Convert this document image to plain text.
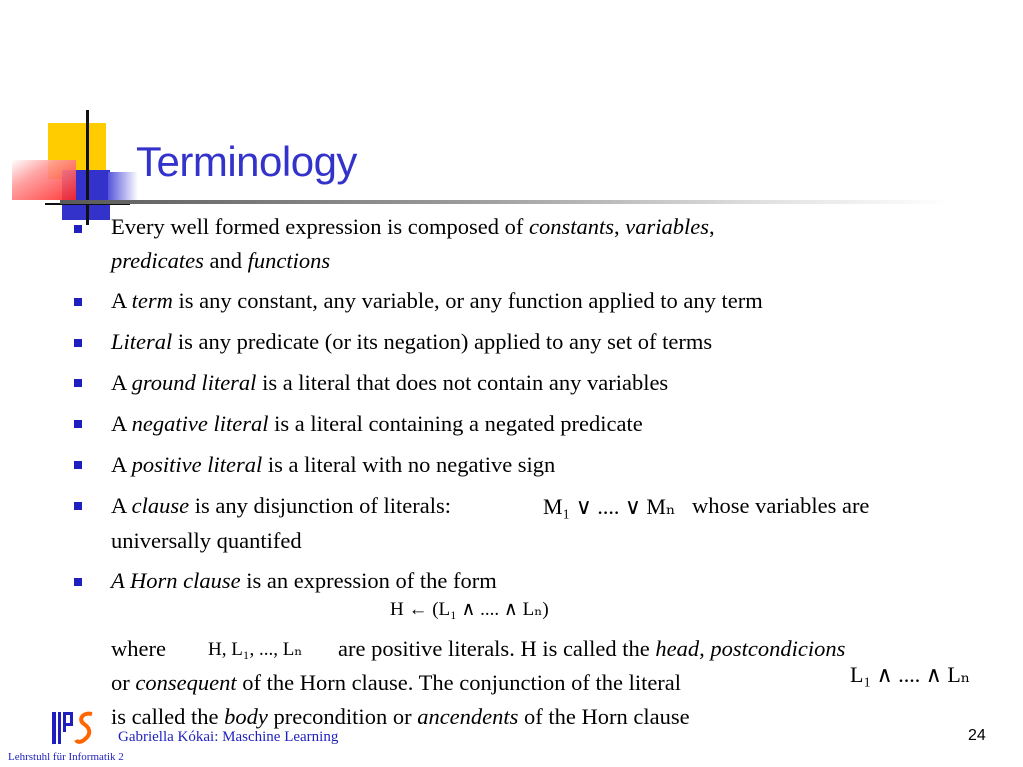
Terminology
Every well formed expression is composed of constants, variables,
predicates and functions
A term is any constant, any variable, or any function applied to any term
Literal is any predicate (or its negation) applied to any set of terms
A ground literal is a literal that does not contain any variables
A negative literal is a literal containing a negated predicate
A positive literal is a literal with no negative sign
A clause is any disjunction of literals:	M₁ ∨ .... ∨ Mₙ whose variables are
universally quantifed
A Horn clause is an expression of the form
H ← (L₁ ∧ .... ∧ Lₙ)
where H, L₁, ..., Lₙ are positive literals. H is called the head, postcondicions
or consequent of the Horn clause. The conjunction of the literal	L₁ ∧ .... ∧ Lₙ
is called the body precondition or ancendents of the Horn clause
LS
Gabriella Kókai: Maschine Learning
Lehrstuhl für Informatik 2
24
